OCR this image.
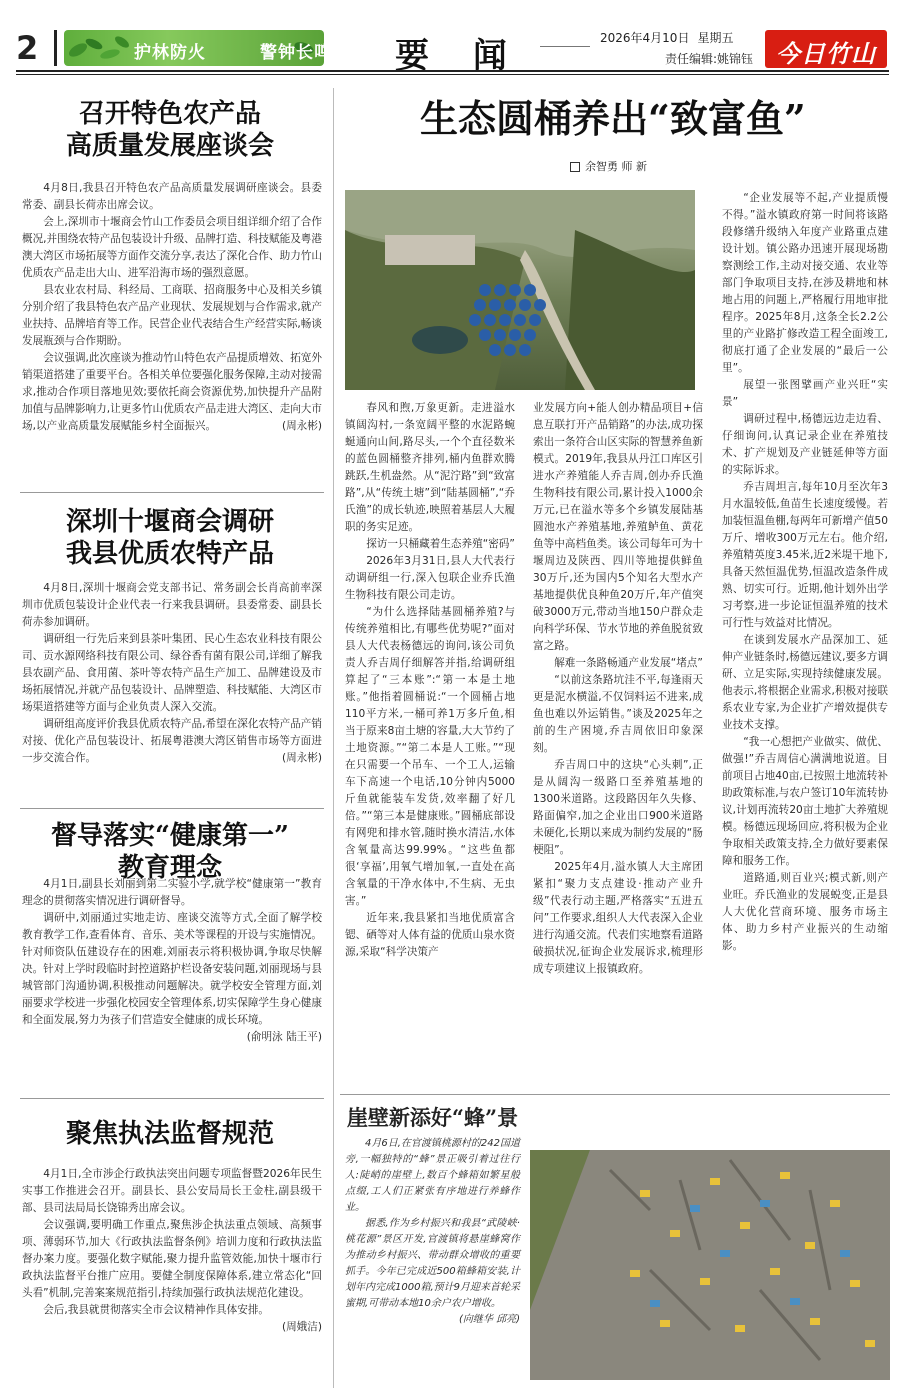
2	护林防火	警钟长鸣 要 闻	2026年4月10日 星期五
责任编辑:姚锦钰 今日竹山
召开特色农产品
高质量发展座谈会

4月8日,我县召开特色农产品高质量发展调研座谈会。县委常委、副县长荷赤出席会议。

会上,深圳市十堰商会竹山工作委员会项目组详细介绍了合作概况,并围绕农特产品包装设计升级、品牌打造、科技赋能及粤港澳大湾区市场拓展等方面作交流分享,表达了深化合作、助力竹山优质农产品走出大山、进军沿海市场的强烈意愿。

县农业农村局、科经局、工商联、招商服务中心及相关乡镇分别介绍了我县特色农产品产业现状、发展规划与合作需求,就产业扶持、品牌培育等工作。民营企业代表结合生产经营实际,畅谈发展瓶颈与合作期盼。

会议强调,此次座谈为推动竹山特色农产品提质增效、拓宽外销渠道搭建了重要平台。各相关单位要强化服务保障,主动对接需求,推动合作项目落地见效;要依托商会资源优势,加快提升产品附加值与品牌影响力,让更多竹山优质农产品走进大湾区、走向大市场,以产业高质量发展赋能乡村全面振兴。	(周永彬)

深圳十堰商会调研
我县优质农特产品

4月8日,深圳十堰商会党支部书记、常务副会长肖高前率深圳市优质包装设计企业代表一行来我县调研。县委常委、副县长荷赤参加调研。

调研组一行先后来到县茶叶集团、民心生态农业科技有限公司、贡水源网络科技有限公司、绿谷香有菌有限公司,详细了解我县农副产品、食用菌、茶叶等农特产品生产加工、品牌建设及市场拓展情况,并就产品包装设计、品牌塑造、科技赋能、大湾区市场渠道搭建等方面与企业负责人深入交流。

调研组高度评价我县优质农特产品,希望在深化农特产品产销对接、优化产品包装设计、拓展粤港澳大湾区销售市场等方面进一步交流合作。	(周永彬)

督导落实“健康第一”
教育理念

4月1日,副县长刘丽到第二实验小学,就学校“健康第一”教育理念的贯彻落实情况进行调研督导。

调研中,刘丽通过实地走访、座谈交流等方式,全面了解学校教育教学工作,查看体育、音乐、美术等课程的开设与实施情况。针对师资队伍建设存在的困难,刘丽表示将积极协调,争取尽快解决。针对上学时段临时封控道路护栏设备安装问题,刘丽现场与县城管部门沟通协调,积极推动问题解决。就学校安全管理方面,刘丽要求学校进一步强化校园安全管理体系,切实保障学生身心健康和全面发展,努力为孩子们营造安全健康的成长环境。

(俞明泳 陆王平)

聚焦执法监督规范

4月1日,全市涉企行政执法突出问题专项监督暨2026年民生实事工作推进会召开。副县长、县公安局局长王金柱,副县级干部、县司法局局长饶锦秀出席会议。

会议强调,要明确工作重点,聚焦涉企执法重点领域、高频事项、薄弱环节,加大《行政执法监督条例》培训力度和行政执法监督办案力度。要强化数字赋能,聚力提升监管效能,加快十堰市行政执法监督平台推广应用。要健全制度保障体系,建立常态化“回头看”机制,完善案案规范指引,持续加强行政执法规范化建设。

会后,我县就贯彻落实全市会议精神作具体安排。
(周娥洁)

生态圆桶养出“致富鱼”
余智勇 师 新

“企业发展等不起,产业提质慢不得。”溢水镇政府第一时间将该路段修缮升级纳入年度产业路重点建设计划。镇公路办迅速开展现场勘察测绘工作,主动对接交通、农业等部门争取项目支持,在涉及耕地和林地占用的问题上,严格履行用地审批程序。2025年8月,这条全长2.2公里的产业路扩修改造工程全面竣工,彻底打通了企业发展的“最后一公里”。

展望一张图擘画产业兴旺“实景”

调研过程中,杨德远边走边看、仔细询问,认真记录企业在养殖技术、扩产规划及产业链延伸等方面的实际诉求。

乔吉周坦言,每年10月至次年3月水温较低,鱼苗生长速度缓慢。若加装恒温鱼棚,每两年可新增产值50万斤、增收300万元左右。他介绍,养殖精英度3.45米,近2米堤干地下,具备天然恒温优势,恒温改造条件成熟、切实可行。近期,他计划外出学习考察,进一步论证恒温养殖的技术可行性与效益对比情况。

在谈到发展水产品深加工、延伸产业链条时,杨德远建议,要多方调研、立足实际,实现持续健康发展。他表示,将根据企业需求,积极对接联系农业专家,为企业扩产增效提供专业技术支撑。

“我一心想把产业做实、做优、做强!”乔吉周信心满满地说道。目前项目占地40亩,已按照土地流转补助政策标准,与农户签订10年流转协议,计划再流转20亩土地扩大养殖规模。杨德远现场回应,将积极为企业争取相关政策支持,全力做好要素保障和服务工作。

道路通,则百业兴;模式新,则产业旺。乔氏渔业的发展蜕变,正是县人大优化营商环境、服务市场主体、助力乡村产业振兴的生动缩影。

春风和煦,万象更新。走进溢水镇阔沟村,一条宽阔平整的水泥路蜿蜒通向山间,路尽头,一个个直径数米的蓝色圆桶整齐排列,桶内鱼群欢腾跳跃,生机盎然。从“泥泞路”到“致富路”,从“传统土塘”到“陆基圆桶”,“乔氏渔”的成长轨迹,映照着基层人大履职的务实足迹。

探访一只桶藏着生态养殖“密码”

2026年3月31日,县人大代表行动调研组一行,深入包联企业乔氏渔生物科技有限公司走访。

“为什么选择陆基圆桶养殖?与传统养殖相比,有哪些优势呢?”面对县人大代表杨德远的询问,该公司负责人乔吉周仔细解答并指,给调研组算起了“三本账”:“第一本是土地账。”他指着圆桶说:“一个圆桶占地110平方米,一桶可养1万多斤鱼,相当于原来8亩土塘的容量,大大节约了土地资源。”“第二本是人工账。”“现在只需要一个吊车、一个工人,运输车下高速一个电话,10分钟内5000斤鱼就能装车发货,效率翻了好几倍。”“第三本是健康账。”圆桶底部设有网兜和排水管,随时换水清洁,水体含氧量高达99.99%。“这些鱼都很‘享福’,用氧气增加氧,一直处在高含氧量的干净水体中,不生病、无虫害。”

近年来,我县紧扣当地优质富含锶、硒等对人体有益的优质山泉水资源,采取“科学决策产

业发展方向+能人创办精品项目+信息互联打开产品销路”的办法,成功探索出一条符合山区实际的智慧养鱼新模式。2019年,我县从丹江口库区引进水产养殖能人乔吉周,创办乔氏渔生物科技有限公司,累计投入1000余万元,已在溢水等多个乡镇发展陆基圆池水产养殖基地,养殖鲈鱼、黄花鱼等中高档鱼类。该公司每年可为十堰周边及陕西、四川等地提供鲜鱼30万斤,还为国内5个知名大型水产基地提供优良种鱼20万斤,年产值突破3000万元,带动当地150户群众走向科学环保、节水节地的养鱼脱贫致富之路。

解难一条路畅通产业发展“堵点”

“以前这条路坑洼不平,每逢雨天更是泥水横溢,不仅饲料运不进来,成鱼也难以外运销售。”谈及2025年之前的生产困境,乔吉周依旧印象深刻。

乔吉周口中的这块“心头刺”,正是从阔沟一级路口至养殖基地的1300米道路。这段路因年久失修、路面偏窄,加之企业出口900米道路未硬化,长期以来成为制约发展的“肠梗阻”。

2025年4月,溢水镇人大主席团紧扣“聚力支点建设·推动产业升级”代表行动主题,严格落实“五进五问”工作要求,组织人大代表深入企业进行沟通交流。代表们实地察看道路破损状况,征询企业发展诉求,梳理形成专项建议上报镇政府。

崖壁新添好“蜂”景

4月6日,在官渡镇桃源村的242国道旁,一幅独特的“蜂”景正吸引着过往行人:陡峭的崖壁上,数百个蜂箱如繁星般点缀,工人们正紧张有序地进行养蜂作业。

据悉,作为乡村振兴和我县“武陵峡·桃花源”景区开发,官渡镇将悬崖蜂窝作为推动乡村振兴、带动群众增收的重要抓手。今年已完成近500箱蜂箱安装,计划年内完成1000箱,预计9月迎来首轮采蜜期,可带动本地10余户农户增收。
(向继华 邱亮)
